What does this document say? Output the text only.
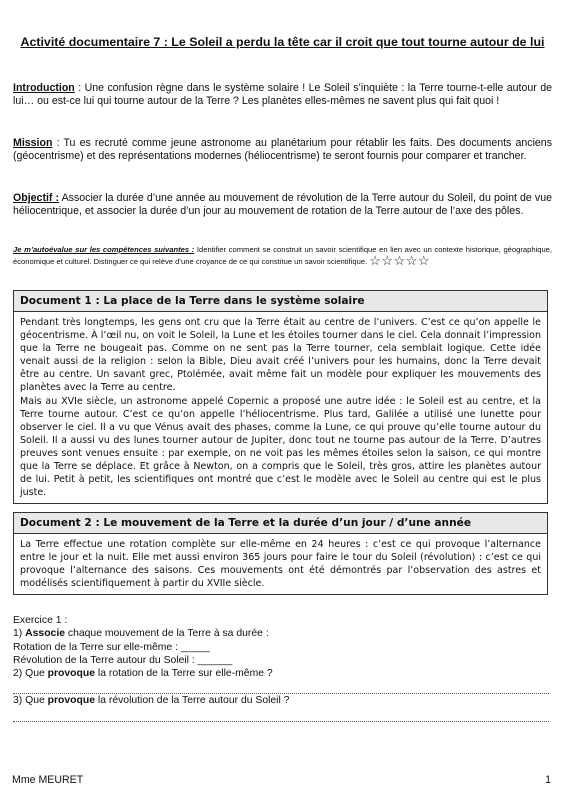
Activité documentaire 7 : Le Soleil a perdu la tête car il croit que tout tourne autour de lui
Introduction : Une confusion règne dans le système solaire ! Le Soleil s’inquiète : la Terre tourne-t-elle autour de lui… ou est-ce lui qui tourne autour de la Terre ? Les planètes elles-mêmes ne savent plus qui fait quoi !
Mission : Tu es recruté comme jeune astronome au planétarium pour rétablir les faits. Des documents anciens (géocentrisme) et des représentations modernes (héliocentrisme) te seront fournis pour comparer et trancher.
Objectif : Associer la durée d’une année au mouvement de révolution de la Terre autour du Soleil, du point de vue héliocentrique, et associer la durée d’un jour au mouvement de rotation de la Terre autour de l’axe des pôles.
Je m’autoévalue sur les compétences suivantes : Identifier comment se construit un savoir scientifique en lien avec un contexte historique, géographique, économique et culturel. Distinguer ce qui relève d’une croyance de ce qui constitue un savoir scientifique. ☆☆☆☆☆
Document 1 : La place de la Terre dans le système solaire
Pendant très longtemps, les gens ont cru que la Terre était au centre de l’univers. C’est ce qu’on appelle le géocentrisme. À l’œil nu, on voit le Soleil, la Lune et les étoiles tourner dans le ciel. Cela donnait l’impression que la Terre ne bougeait pas. Comme on ne sent pas la Terre tourner, cela semblait logique. Cette idée venait aussi de la religion : selon la Bible, Dieu avait créé l’univers pour les humains, donc la Terre devait être au centre. Un savant grec, Ptolémée, avait même fait un modèle pour expliquer les mouvements des planètes avec la Terre au centre.
Mais au XVIe siècle, un astronome appelé Copernic a proposé une autre idée : le Soleil est au centre, et la Terre tourne autour. C’est ce qu’on appelle l’héliocentrisme. Plus tard, Galilée a utilisé une lunette pour observer le ciel. Il a vu que Vénus avait des phases, comme la Lune, ce qui prouve qu’elle tourne autour du Soleil. Il a aussi vu des lunes tourner autour de Jupiter, donc tout ne tourne pas autour de la Terre. D’autres preuves sont venues ensuite : par exemple, on ne voit pas les mêmes étoiles selon la saison, ce qui montre que la Terre se déplace. Et grâce à Newton, on a compris que le Soleil, très gros, attire les planètes autour de lui. Petit à petit, les scientifiques ont montré que c’est le modèle avec le Soleil au centre qui est le plus juste.
Document 2 : Le mouvement de la Terre et la durée d’un jour / d’une année
La Terre effectue une rotation complète sur elle-même en 24 heures : c’est ce qui provoque l’alternance entre le jour et la nuit. Elle met aussi environ 365 jours pour faire le tour du Soleil (révolution) : c’est ce qui provoque l’alternance des saisons. Ces mouvements ont été démontrés par l’observation des astres et modélisés scientifiquement à partir du XVIIe siècle.
Exercice 1 :
1) Associe chaque mouvement de la Terre à sa durée :
Rotation de la Terre sur elle-même : _____
Révolution de la Terre autour du Soleil : ______
2) Que provoque la rotation de la Terre sur elle-même ?
3) Que provoque la révolution de la Terre autour du Soleil ?
Mme MEURET	1
